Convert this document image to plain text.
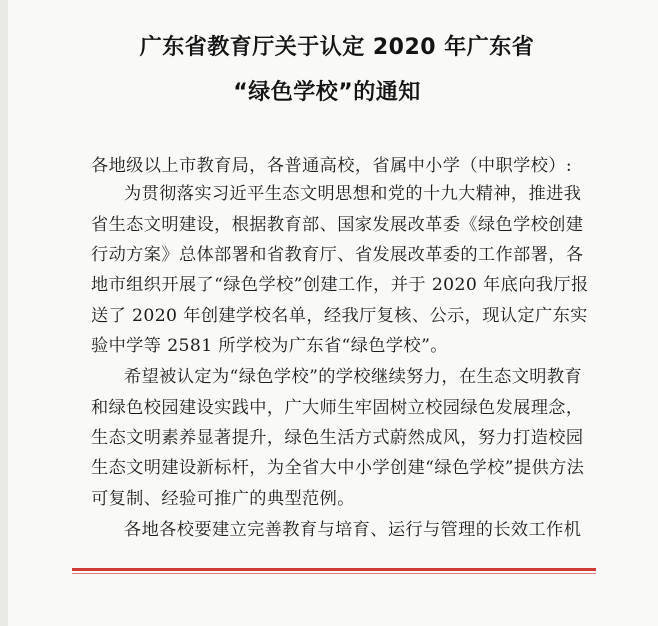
广东省教育厅关于认定 2020 年广东省
“绿色学校”的通知
各地级以上市教育局，各普通高校，省属中小学（中职学校）:
为贯彻落实习近平生态文明思想和党的十九大精神，推进我
省生态文明建设，根据教育部、国家发展改革委《绿色学校创建
行动方案》总体部署和省教育厅、省发展改革委的工作部署，各
地市组织开展了“绿色学校”创建工作，并于 2020 年底向我厅报
送了 2020 年创建学校名单，经我厅复核、公示，现认定广东实
验中学等 2581 所学校为广东省“绿色学校”。
希望被认定为“绿色学校”的学校继续努力，在生态文明教育
和绿色校园建设实践中，广大师生牢固树立校园绿色发展理念，
生态文明素养显著提升，绿色生活方式蔚然成风，努力打造校园
生态文明建设新标杆，为全省大中小学创建“绿色学校”提供方法
可复制、经验可推广的典型范例。
各地各校要建立完善教育与培育、运行与管理的长效工作机
